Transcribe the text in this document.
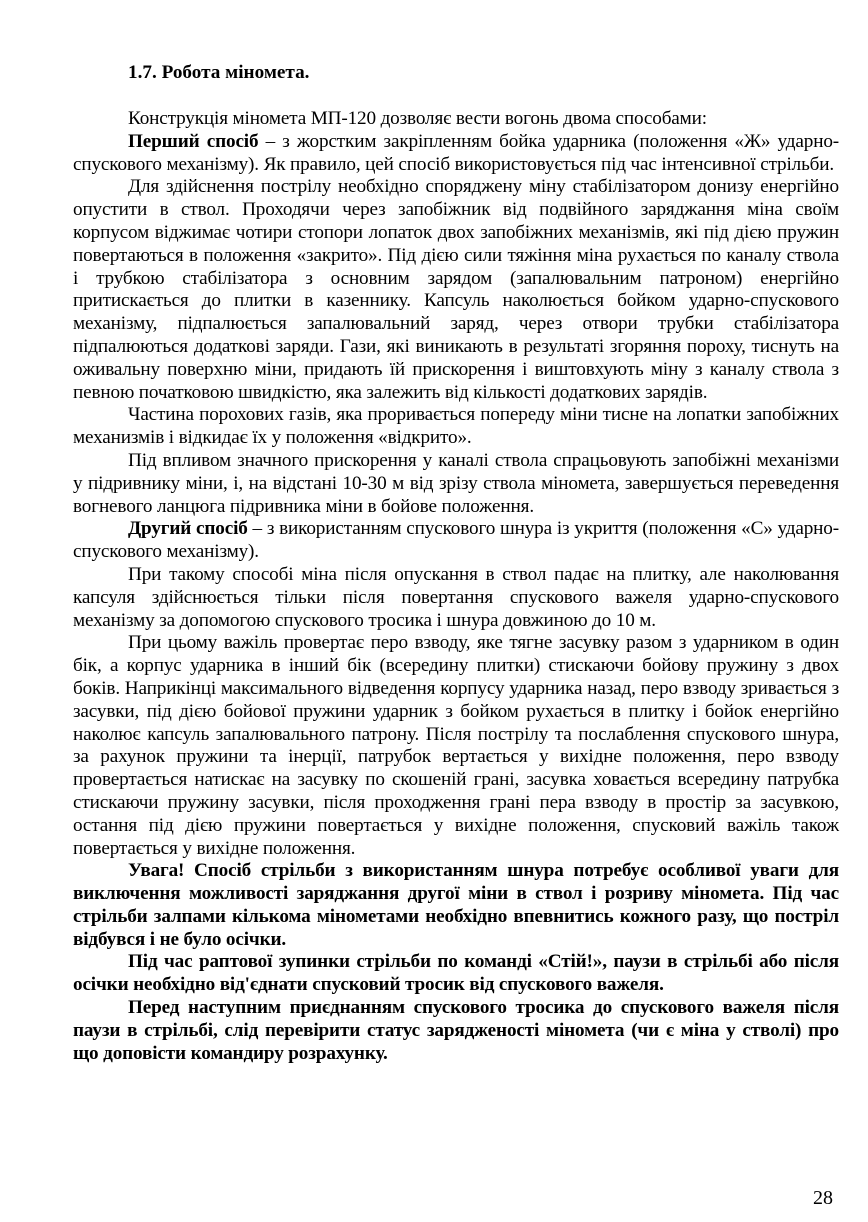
1.7. Робота міномета.

Конструкція міномета МП-120 дозволяє вести вогонь двома способами:

Перший спосіб – з жорстким закріпленням бойка ударника (положення «Ж» ударно-спускового механізму). Як правило, цей спосіб використовується під час інтенсивної стрільби.

Для здійснення пострілу необхідно споряджену міну стабілізатором донизу енергійно опустити в ствол. Проходячи через запобіжник від подвійного заряджання міна своїм корпусом віджимає чотири стопори лопаток двох запобіжних механізмів, які під дією пружин повертаються в положення «закрито». Під дією сили тяжіння міна рухається по каналу ствола і трубкою стабілізатора з основним зарядом (запалювальним патроном) енергійно притискається до плитки в казеннику. Капсуль наколюється бойком ударно-спускового механізму, підпалюється запалювальний заряд, через отвори трубки стабілізатора підпалюються додаткові заряди. Гази, які виникають в результаті згоряння пороху, тиснуть на оживальну поверхню міни, придають їй прискорення і виштовхують міну з каналу ствола з певною початковою швидкістю, яка залежить від кількості додаткових зарядів.

Частина порохових газів, яка проривається попереду міни тисне на лопатки запобіжних механизмів і відкидає їх у положення «відкрито».

Під впливом значного прискорення у каналі ствола спрацьовують запобіжні механізми у підривнику міни, і, на відстані 10-30 м від зрізу ствола міномета, завершується переведення вогневого ланцюга підривника міни в бойове положення.

Другий спосіб – з використанням спускового шнура із укриття (положення «С» ударно-спускового механізму).

При такому способі міна після опускання в ствол падає на плитку, але наколювання капсуля здійснюється тільки після повертання спускового важеля ударно-спускового механізму за допомогою спускового тросика і шнура довжиною до 10 м.

При цьому важіль провертає перо взводу, яке тягне засувку разом з ударником в один бік, а корпус ударника в інший бік (всередину плитки) стискаючи бойову пружину з двох боків. Наприкінці максимального відведення корпусу ударника назад, перо взводу зривається з засувки, під дією бойової пружини ударник з бойком рухається в плитку і бойок енергійно наколює капсуль запалювального патрону. Після пострілу та послаблення спускового шнура, за рахунок пружини та інерції, патрубок вертається у вихідне положення, перо взводу провертається натискає на засувку по скошеній грані, засувка ховається всередину патрубка стискаючи пружину засувки, після проходження грані пера взводу в простір за засувкою, остання під дією пружини повертається у вихідне положення, спусковий важіль також повертається у вихідне положення.

Увага! Спосіб стрільби з використанням шнура потребує особливої уваги для виключення можливості заряджання другої міни в ствол і розриву міномета. Під час стрільби залпами кількома мінометами необхідно впевнитись кожного разу, що постріл відбувся і не було осічки.

Під час раптової зупинки стрільби по команді «Стій!», паузи в стрільбі або після осічки необхідно від'єднати спусковий тросик від спускового важеля.

Перед наступним приєднанням спускового тросика до спускового важеля після паузи в стрільбі, слід перевірити статус зарядженості міномета (чи є міна у стволі) про що доповісти командиру розрахунку.

28
